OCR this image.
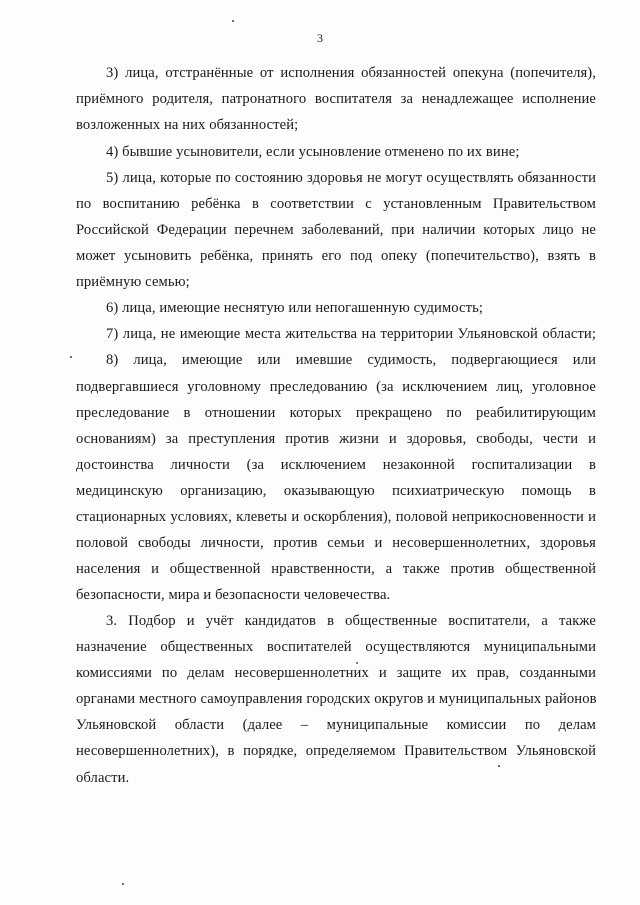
3
3) лица, отстранённые от исполнения обязанностей опекуна (попечителя),
приёмного родителя, патронатного воспитателя за ненадлежащее исполнение
возложенных на них обязанностей;
4) бывшие усыновители, если усыновление отменено по их вине;
5) лица, которые по состоянию здоровья не могут осуществлять обязанности
по воспитанию ребёнка в соответствии с установленным Правительством
Российской Федерации перечнем заболеваний, при наличии которых лицо не
может усыновить ребёнка, принять его под опеку (попечительство), взять в
приёмную семью;
6) лица, имеющие неснятую или непогашенную судимость;
7) лица, не имеющие места жительства на территории Ульяновской области;
8) лица, имеющие или имевшие судимость, подвергающиеся или
подвергавшиеся уголовному преследованию (за исключением лиц, уголовное
преследование в отношении которых прекращено по реабилитирующим
основаниям) за преступления против жизни и здоровья, свободы, чести и
достоинства личности (за исключением незаконной госпитализации в
медицинскую организацию, оказывающую психиатрическую помощь в
стационарных условиях, клеветы и оскорбления), половой неприкосновенности и
половой свободы личности, против семьи и несовершеннолетних, здоровья
населения и общественной нравственности, а также против общественной
безопасности, мира и безопасности человечества.
3. Подбор и учёт кандидатов в общественные воспитатели, а также
назначение общественных воспитателей осуществляются муниципальными
комиссиями по делам несовершеннолетних и защите их прав, созданными
органами местного самоуправления городских округов и муниципальных районов
Ульяновской области (далее – муниципальные комиссии по делам
несовершеннолетних), в порядке, определяемом Правительством Ульяновской
области.
